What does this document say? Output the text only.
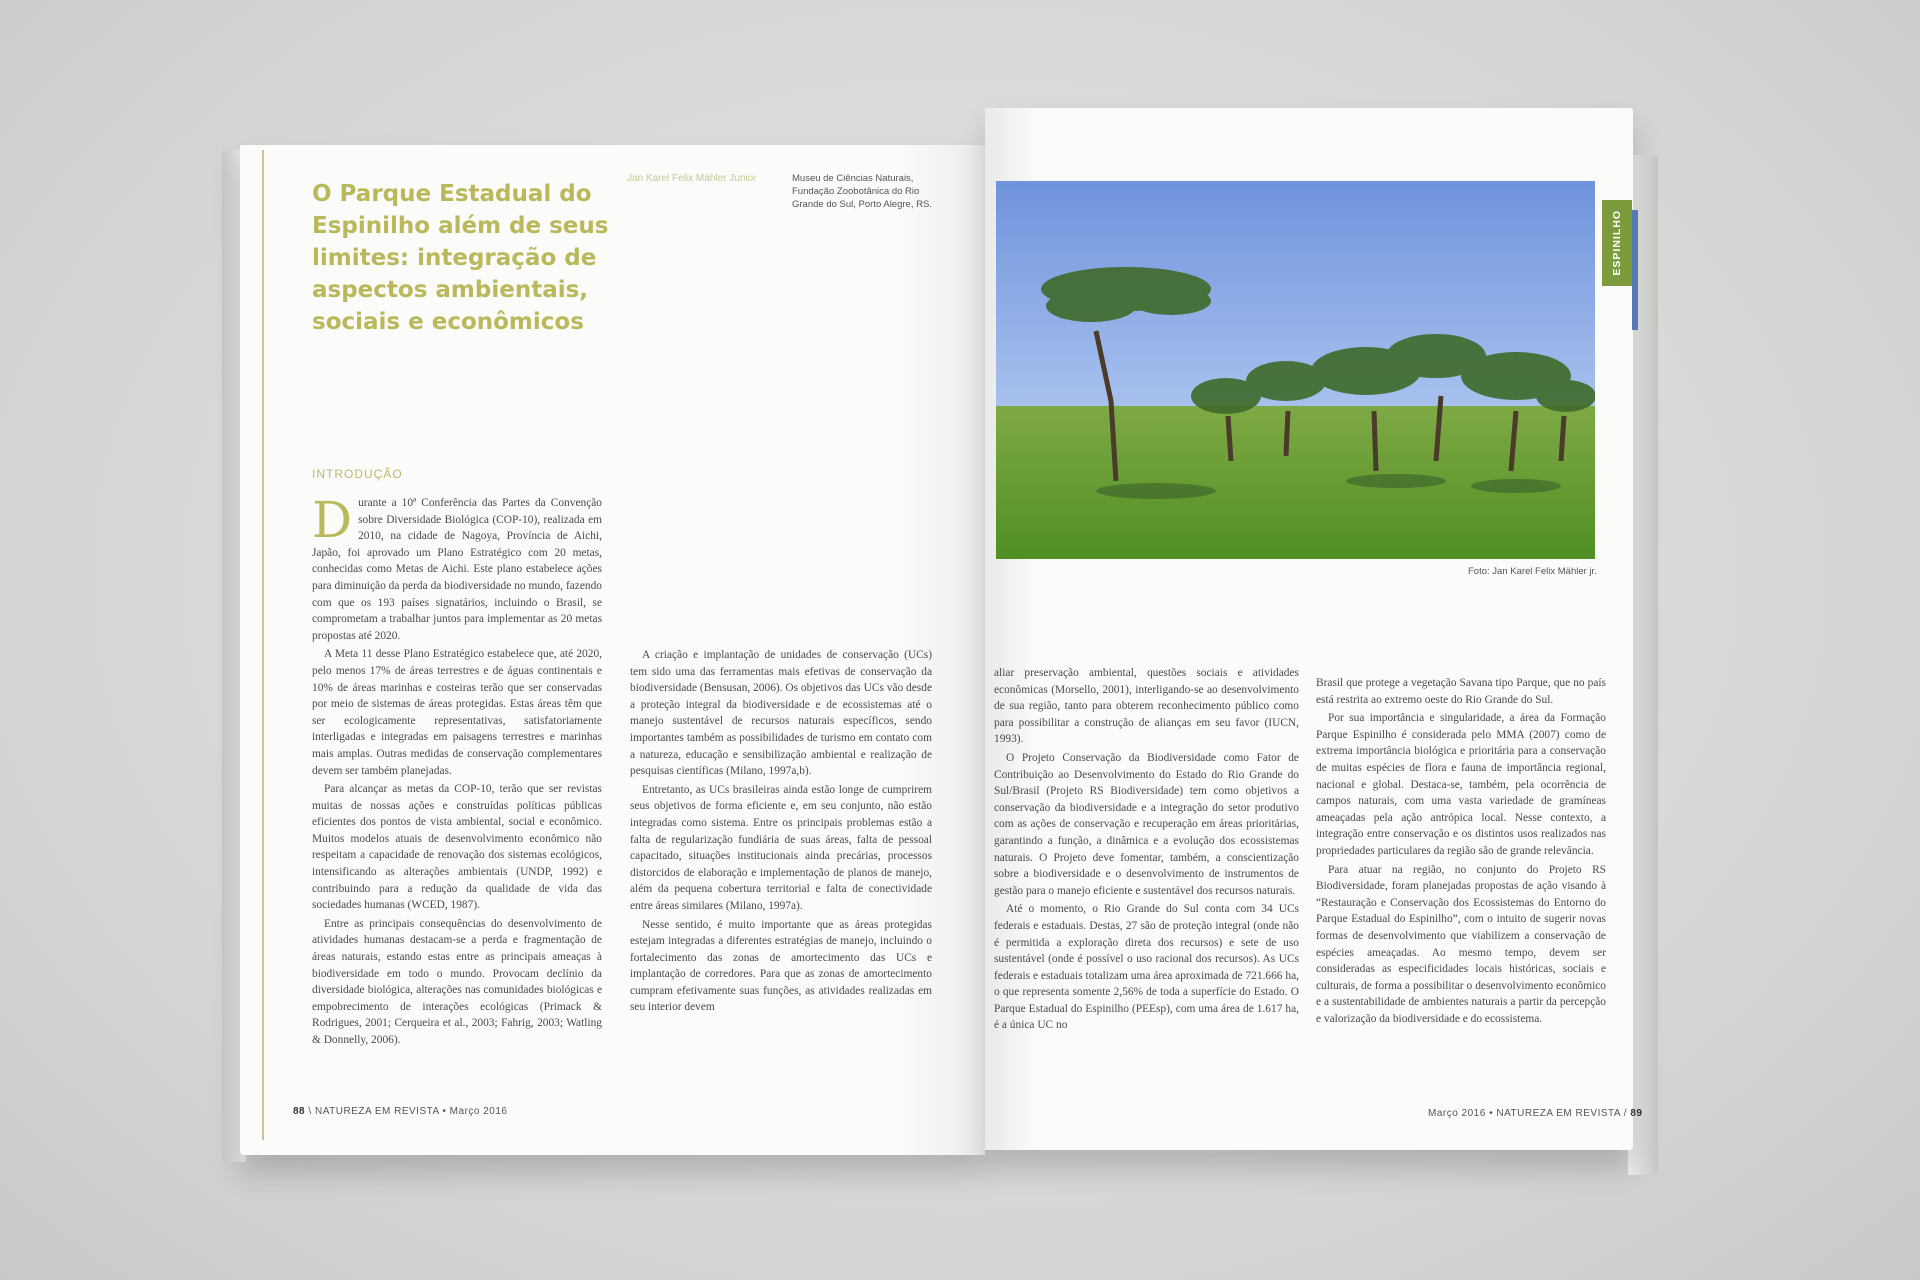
O Parque Estadual do Espinilho além de seus limites: integração de aspectos ambientais, sociais e econômicos
Jan Karel Felix Mähler Junior	Museu de Ciências Naturais, Fundação Zoobotânica do Rio Grande do Sul, Porto Alegre, RS.
INTRODUÇÃO

Durante a 10ª Conferência das Partes da Convenção sobre Diversidade Biológica (COP-10), realizada em 2010, na cidade de Nagoya, Província de Aichi, Japão, foi aprovado um Plano Estratégico com 20 metas, conhecidas como Metas de Aichi. Este plano estabelece ações para diminuição da perda da biodiversidade no mundo, fazendo com que os 193 países signatários, incluindo o Brasil, se comprometam a trabalhar juntos para implementar as 20 metas propostas até 2020.

A Meta 11 desse Plano Estratégico estabelece que, até 2020, pelo menos 17% de áreas terrestres e de águas continentais e 10% de áreas marinhas e costeiras terão que ser conservadas por meio de sistemas de áreas protegidas. Estas áreas têm que ser ecologicamente representativas, satisfatoriamente interligadas e integradas em paisagens terrestres e marinhas mais amplas. Outras medidas de conservação complementares devem ser também planejadas.

Para alcançar as metas da COP-10, terão que ser revistas muitas de nossas ações e construídas políticas públicas eficientes dos pontos de vista ambiental, social e econômico. Muitos modelos atuais de desenvolvimento econômico não respeitam a capacidade de renovação dos sistemas ecológicos, intensificando as alterações ambientais (UNDP, 1992) e contribuindo para a redução da qualidade de vida das sociedades humanas (WCED, 1987).

Entre as principais consequências do desenvolvimento de atividades humanas destacam-se a perda e fragmentação de áreas naturais, estando estas entre as principais ameaças à biodiversidade em todo o mundo. Provocam declínio da diversidade biológica, alterações nas comunidades biológicas e empobrecimento de interações ecológicas (Primack & Rodrigues, 2001; Cerqueira et al., 2003; Fahrig, 2003; Watling & Donnelly, 2006).

A criação e implantação de unidades de conservação (UCs) tem sido uma das ferramentas mais efetivas de conservação da biodiversidade (Bensusan, 2006). Os objetivos das UCs vão desde a proteção integral da biodiversidade e de ecossistemas até o manejo sustentável de recursos naturais específicos, sendo importantes também as possibilidades de turismo em contato com a natureza, educação e sensibilização ambiental e realização de pesquisas científicas (Milano, 1997a,b).

Entretanto, as UCs brasileiras ainda estão longe de cumprirem seus objetivos de forma eficiente e, em seu conjunto, não estão integradas como sistema. Entre os principais problemas estão a falta de regularização fundiária de suas áreas, falta de pessoal capacitado, situações institucionais ainda precárias, processos distorcidos de elaboração e implementação de planos de manejo, além da pequena cobertura territorial e falta de conectividade entre áreas similares (Milano, 1997a).

Nesse sentido, é muito importante que as áreas protegidas estejam integradas a diferentes estratégias de manejo, incluindo o fortalecimento das zonas de amortecimento das UCs e implantação de corredores. Para que as zonas de amortecimento cumpram efetivamente suas funções, as atividades realizadas em seu interior devem

aliar preservação ambiental, questões sociais e atividades econômicas (Morsello, 2001), interligando-se ao desenvolvimento de sua região, tanto para obterem reconhecimento público como para possibilitar a construção de alianças em seu favor (IUCN, 1993).

O Projeto Conservação da Biodiversidade como Fator de Contribuição ao Desenvolvimento do Estado do Rio Grande do Sul/Brasil (Projeto RS Biodiversidade) tem como objetivos a conservação da biodiversidade e a integração do setor produtivo com as ações de conservação e recuperação em áreas prioritárias, garantindo a função, a dinâmica e a evolução dos ecossistemas naturais. O Projeto deve fomentar, também, a conscientização sobre a biodiversidade e o desenvolvimento de instrumentos de gestão para o manejo eficiente e sustentável dos recursos naturais.

Até o momento, o Rio Grande do Sul conta com 34 UCs federais e estaduais. Destas, 27 são de proteção integral (onde não é permitida a exploração direta dos recursos) e sete de uso sustentável (onde é possível o uso racional dos recursos). As UCs federais e estaduais totalizam uma área aproximada de 721.666 ha, o que representa somente 2,56% de toda a superfície do Estado. O Parque Estadual do Espinilho (PEEsp), com uma área de 1.617 ha, é a única UC no

Brasil que protege a vegetação Savana tipo Parque, que no país está restrita ao extremo oeste do Rio Grande do Sul.

Por sua importância e singularidade, a área da Formação Parque Espinilho é considerada pelo MMA (2007) como de extrema importância biológica e prioritária para a conservação de muitas espécies de flora e fauna de importância regional, nacional e global. Destaca-se, também, pela ocorrência de campos naturais, com uma vasta variedade de gramíneas ameaçadas pela ação antrópica local. Nesse contexto, a integração entre conservação e os distintos usos realizados nas propriedades particulares da região são de grande relevância.

Para atuar na região, no conjunto do Projeto RS Biodiversidade, foram planejadas propostas de ação visando à “Restauração e Conservação dos Ecossistemas do Entorno do Parque Estadual do Espinilho”, com o intuito de sugerir novas formas de desenvolvimento que viabilizem a conservação de espécies ameaçadas. Ao mesmo tempo, devem ser consideradas as especificidades locais históricas, sociais e culturais, de forma a possibilitar o desenvolvimento econômico e a sustentabilidade de ambientes naturais a partir da percepção e valorização da biodiversidade e do ecossistema.

Foto: Jan Karel Felix Mähler jr.
ESPINILHO
88 \ NATUREZA EM REVISTA • Março 2016	Março 2016 • NATUREZA EM REVISTA / 89
